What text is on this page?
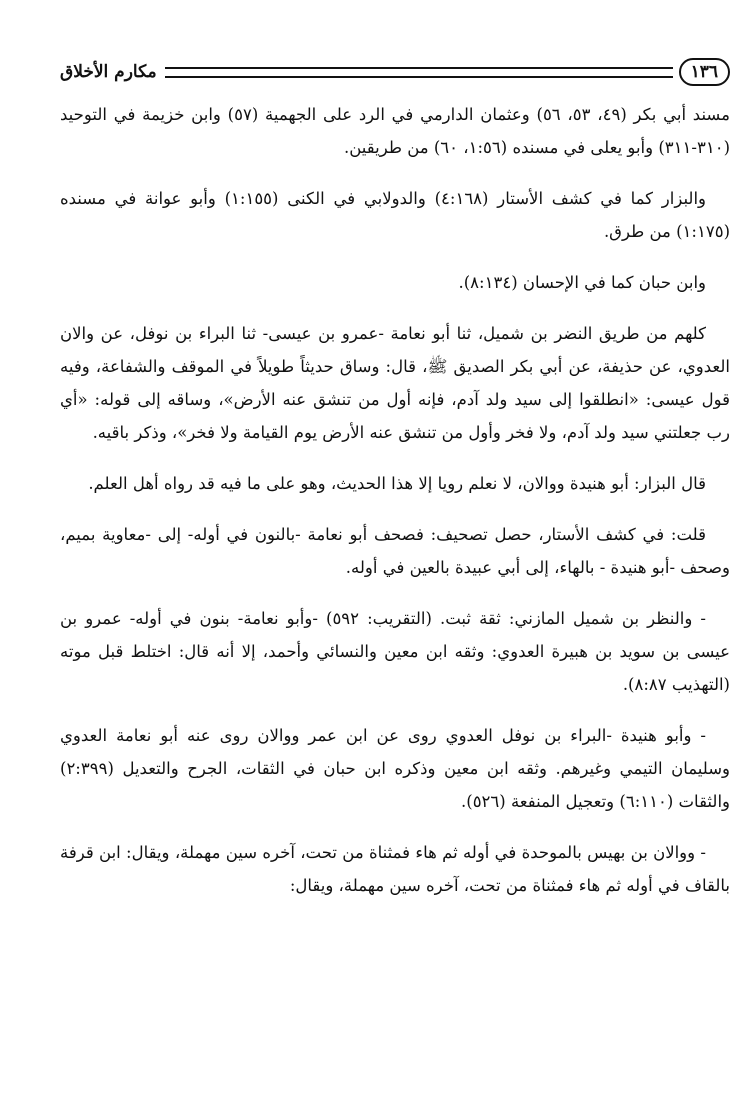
١٣٦
مكارم الأخلاق

مسند أبي بكر (٤٩، ٥٣، ٥٦) وعثمان الدارمي في الرد على الجهمية (٥٧) وابن خزيمة في التوحيد (٣١٠-٣١١) وأبو يعلى في مسنده (١:٥٦، ٦٠) من طريقين.

والبزار كما في كشف الأستار (٤:١٦٨) والدولابي في الكنى (١:١٥٥) وأبو عوانة في مسنده (١:١٧٥) من طرق.

وابن حبان كما في الإحسان (٨:١٣٤).

كلهم من طريق النضر بن شميل، ثنا أبو نعامة -عمرو بن عيسى- ثنا البراء بن نوفل، عن والان العدوي، عن حذيفة، عن أبي بكر الصديق ﷺ، قال: وساق حديثاً طويلاً في الموقف والشفاعة، وفيه قول عيسى: «انطلقوا إلى سيد ولد آدم، فإنه أول من تنشق عنه الأرض»، وساقه إلى قوله: «أي رب جعلتني سيد ولد آدم، ولا فخر وأول من تنشق عنه الأرض يوم القيامة ولا فخر»، وذكر باقيه.

قال البزار: أبو هنيدة ووالان، لا نعلم رويا إلا هذا الحديث، وهو على ما فيه قد رواه أهل العلم.

قلت: في كشف الأستار، حصل تصحيف: فصحف أبو نعامة -بالنون في أوله- إلى -معاوية بميم، وصحف -أبو هنيدة - بالهاء، إلى أبي عبيدة بالعين في أوله.

- والنظر بن شميل المازني: ثقة ثبت. (التقريب: ٥٩٢) -وأبو نعامة- بنون في أوله- عمرو بن عيسى بن سويد بن هبيرة العدوي: وثقه ابن معين والنسائي وأحمد، إلا أنه قال: اختلط قبل موته (التهذيب ٨:٨٧).

- وأبو هنيدة -البراء بن نوفل العدوي روى عن ابن عمر ووالان روى عنه أبو نعامة العدوي وسليمان التيمي وغيرهم. وثقه ابن معين وذكره ابن حبان في الثقات، الجرح والتعديل (٢:٣٩٩) والثقات (٦:١١٠) وتعجيل المنفعة (٥٢٦).

- ووالان بن بهيس بالموحدة في أوله ثم هاء فمثناة من تحت، آخره سين مهملة، ويقال: ابن قرفة بالقاف في أوله ثم هاء فمثناة من تحت، آخره سين مهملة، ويقال:
